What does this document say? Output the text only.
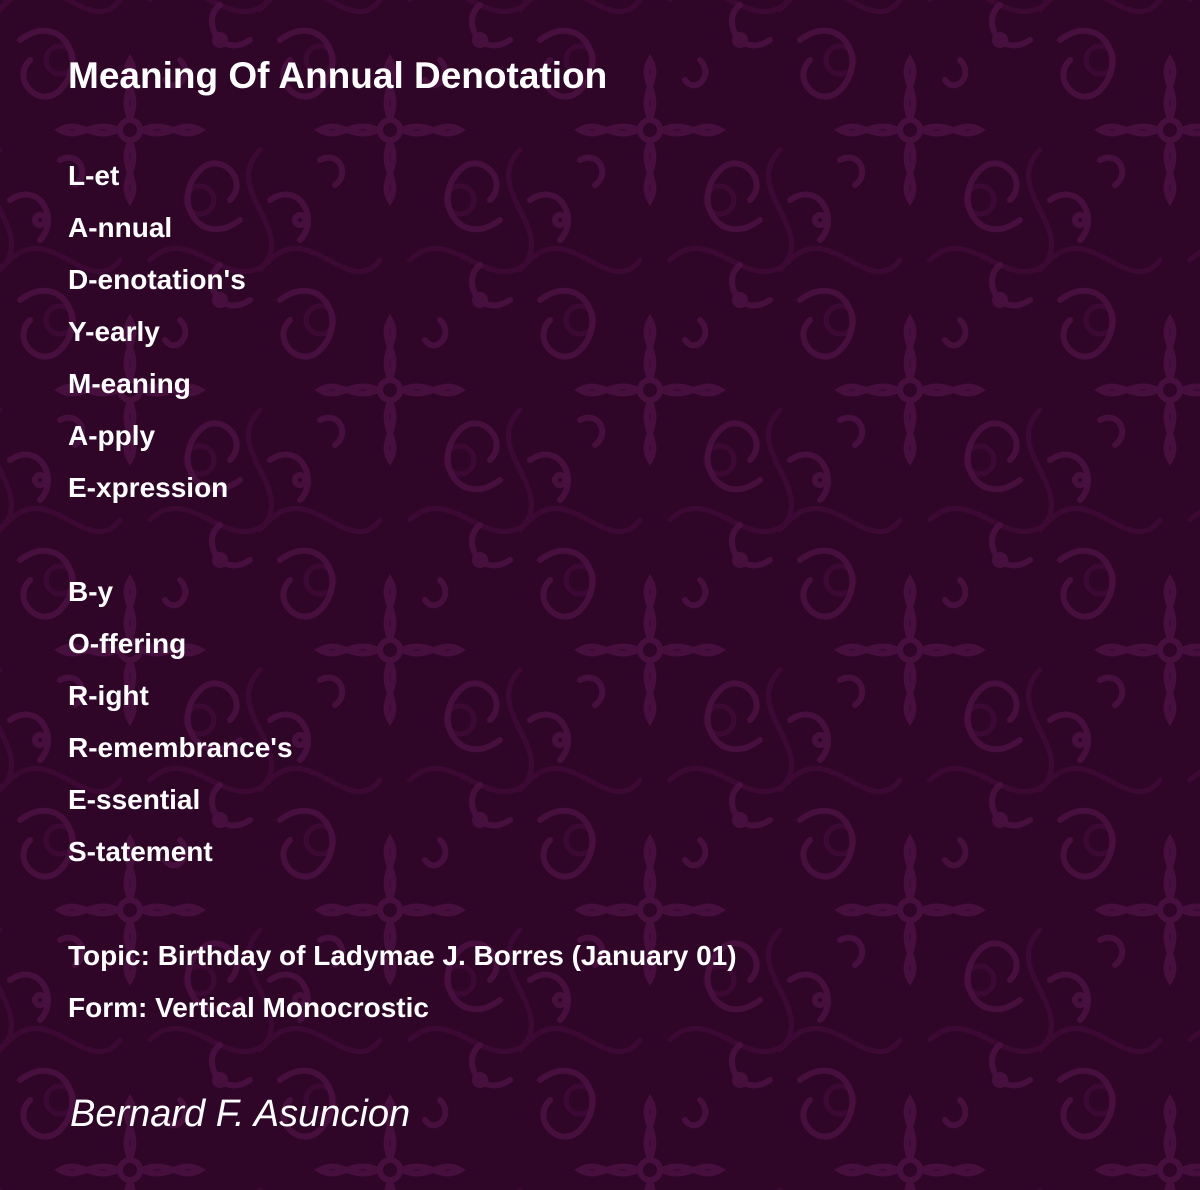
Meaning Of Annual Denotation
L-et
A-nnual
D-enotation's
Y-early
M-eaning
A-pply
E-xpression
B-y
O-ffering
R-ight
R-emembrance's
E-ssential
S-tatement
Topic: Birthday of Ladymae J. Borres (January 01)
Form: Vertical Monocrostic
Bernard F. Asuncion
